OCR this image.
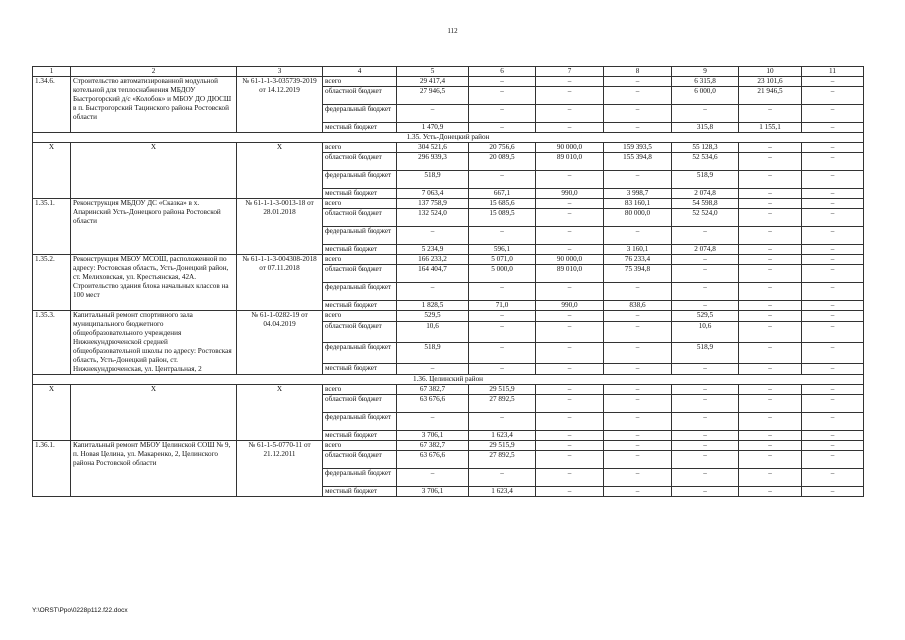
112
1	2	3	4	5	6	7	8	9	10	11
1.34.6.	Строительство автоматизированной модульной котельной для теплоснабжения МБДОУ Быстрогорский д/с «Колобок» и МБОУ ДО ДЮСШ в п. Быстрогорский Тацинского района Ростовской области	№ 61-1-1-3-035739-2019 от 14.12.2019	всего	29 417,4	–	–	–	6 315,8	23 101,6	–
			областной бюджет	27 946,5	–	–	–	6 000,0	21 946,5	–
			федеральный бюджет	–	–	–	–	–	–	–
			местный бюджет	1 470,9	–	–	–	315,8	1 155,1	–
1.35. Усть-Донецкий район										
Х	Х	Х	всего	304 521,6	20 756,6	90 000,0	159 393,5	55 128,3	–	–
			областной бюджет	296 939,3	20 089,5	89 010,0	155 394,8	52 534,6	–	–
			федеральный бюджет	518,9	–	–	–	518,9	–	–
			местный бюджет	7 063,4	667,1	990,0	3 998,7	2 074,8	–	–
1.35.1.	Реконструкция МБДОУ ДС «Сказка» в х. Апаринский Усть-Донецкого района Ростовской области	№ 61-1-1-3-0013-18 от 28.01.2018	всего	137 758,9	15 685,6	–	83 160,1	54 598,8	–	–
			областной бюджет	132 524,0	15 089,5	–	80 000,0	52 524,0	–	–
			федеральный бюджет	–	–	–	–	–	–	–
			местный бюджет	5 234,9	596,1	–	3 160,1	2 074,8	–	–
1.35.2.	Реконструкция МБОУ МСОШ, расположенной по адресу: Ростовская область, Усть-Донецкий район, ст. Мелиховская, ул. Крестьянская, 42А. Строительство здания блока начальных классов на 100 мест	№ 61-1-1-3-004308-2018 от 07.11.2018	всего	166 233,2	5 071,0	90 000,0	76 233,4	–	–	–
			областной бюджет	164 404,7	5 000,0	89 010,0	75 394,8	–	–	–
			федеральный бюджет	–	–	–	–	–	–	–
			местный бюджет	1 828,5	71,0	990,0	838,6	–	–	–
1.35.3.	Капитальный ремонт спортивного зала муниципального бюджетного общеобразовательного учреждения Нижнекундрюченской средней общеобразовательной школы по адресу: Ростовская область, Усть-Донецкий район, ст. Нижнекундрюченская, ул. Центральная, 2	№ 61-1-0282-19 от 04.04.2019	всего	529,5	–	–	–	529,5	–	–
			областной бюджет	10,6	–	–	–	10,6	–	–
			федеральный бюджет	518,9	–	–	–	518,9	–	–
			местный бюджет	–	–	–	–	–	–	–
1.36. Целинский район										
Х	Х	Х	всего	67 382,7	29 515,9	–	–	–	–	–
			областной бюджет	63 676,6	27 892,5	–	–	–	–	–
			федеральный бюджет	–	–	–	–	–	–	–
			местный бюджет	3 706,1	1 623,4	–	–	–	–	–
1.36.1.	Капитальный ремонт МБОУ Целинской СОШ № 9, п. Новая Целина, ул. Макаренко, 2, Целинского района Ростовской области	№ 61-1-5-0770-11 от 21.12.2011	всего	67 382,7	29 515,9	–	–	–	–	–
			областной бюджет	63 676,6	27 892,5	–	–	–	–	–
			федеральный бюджет	–	–	–	–	–	–	–
			местный бюджет	3 706,1	1 623,4	–	–	–	–	–
Y:\ORST\Ppo\0228p112.f22.docx
